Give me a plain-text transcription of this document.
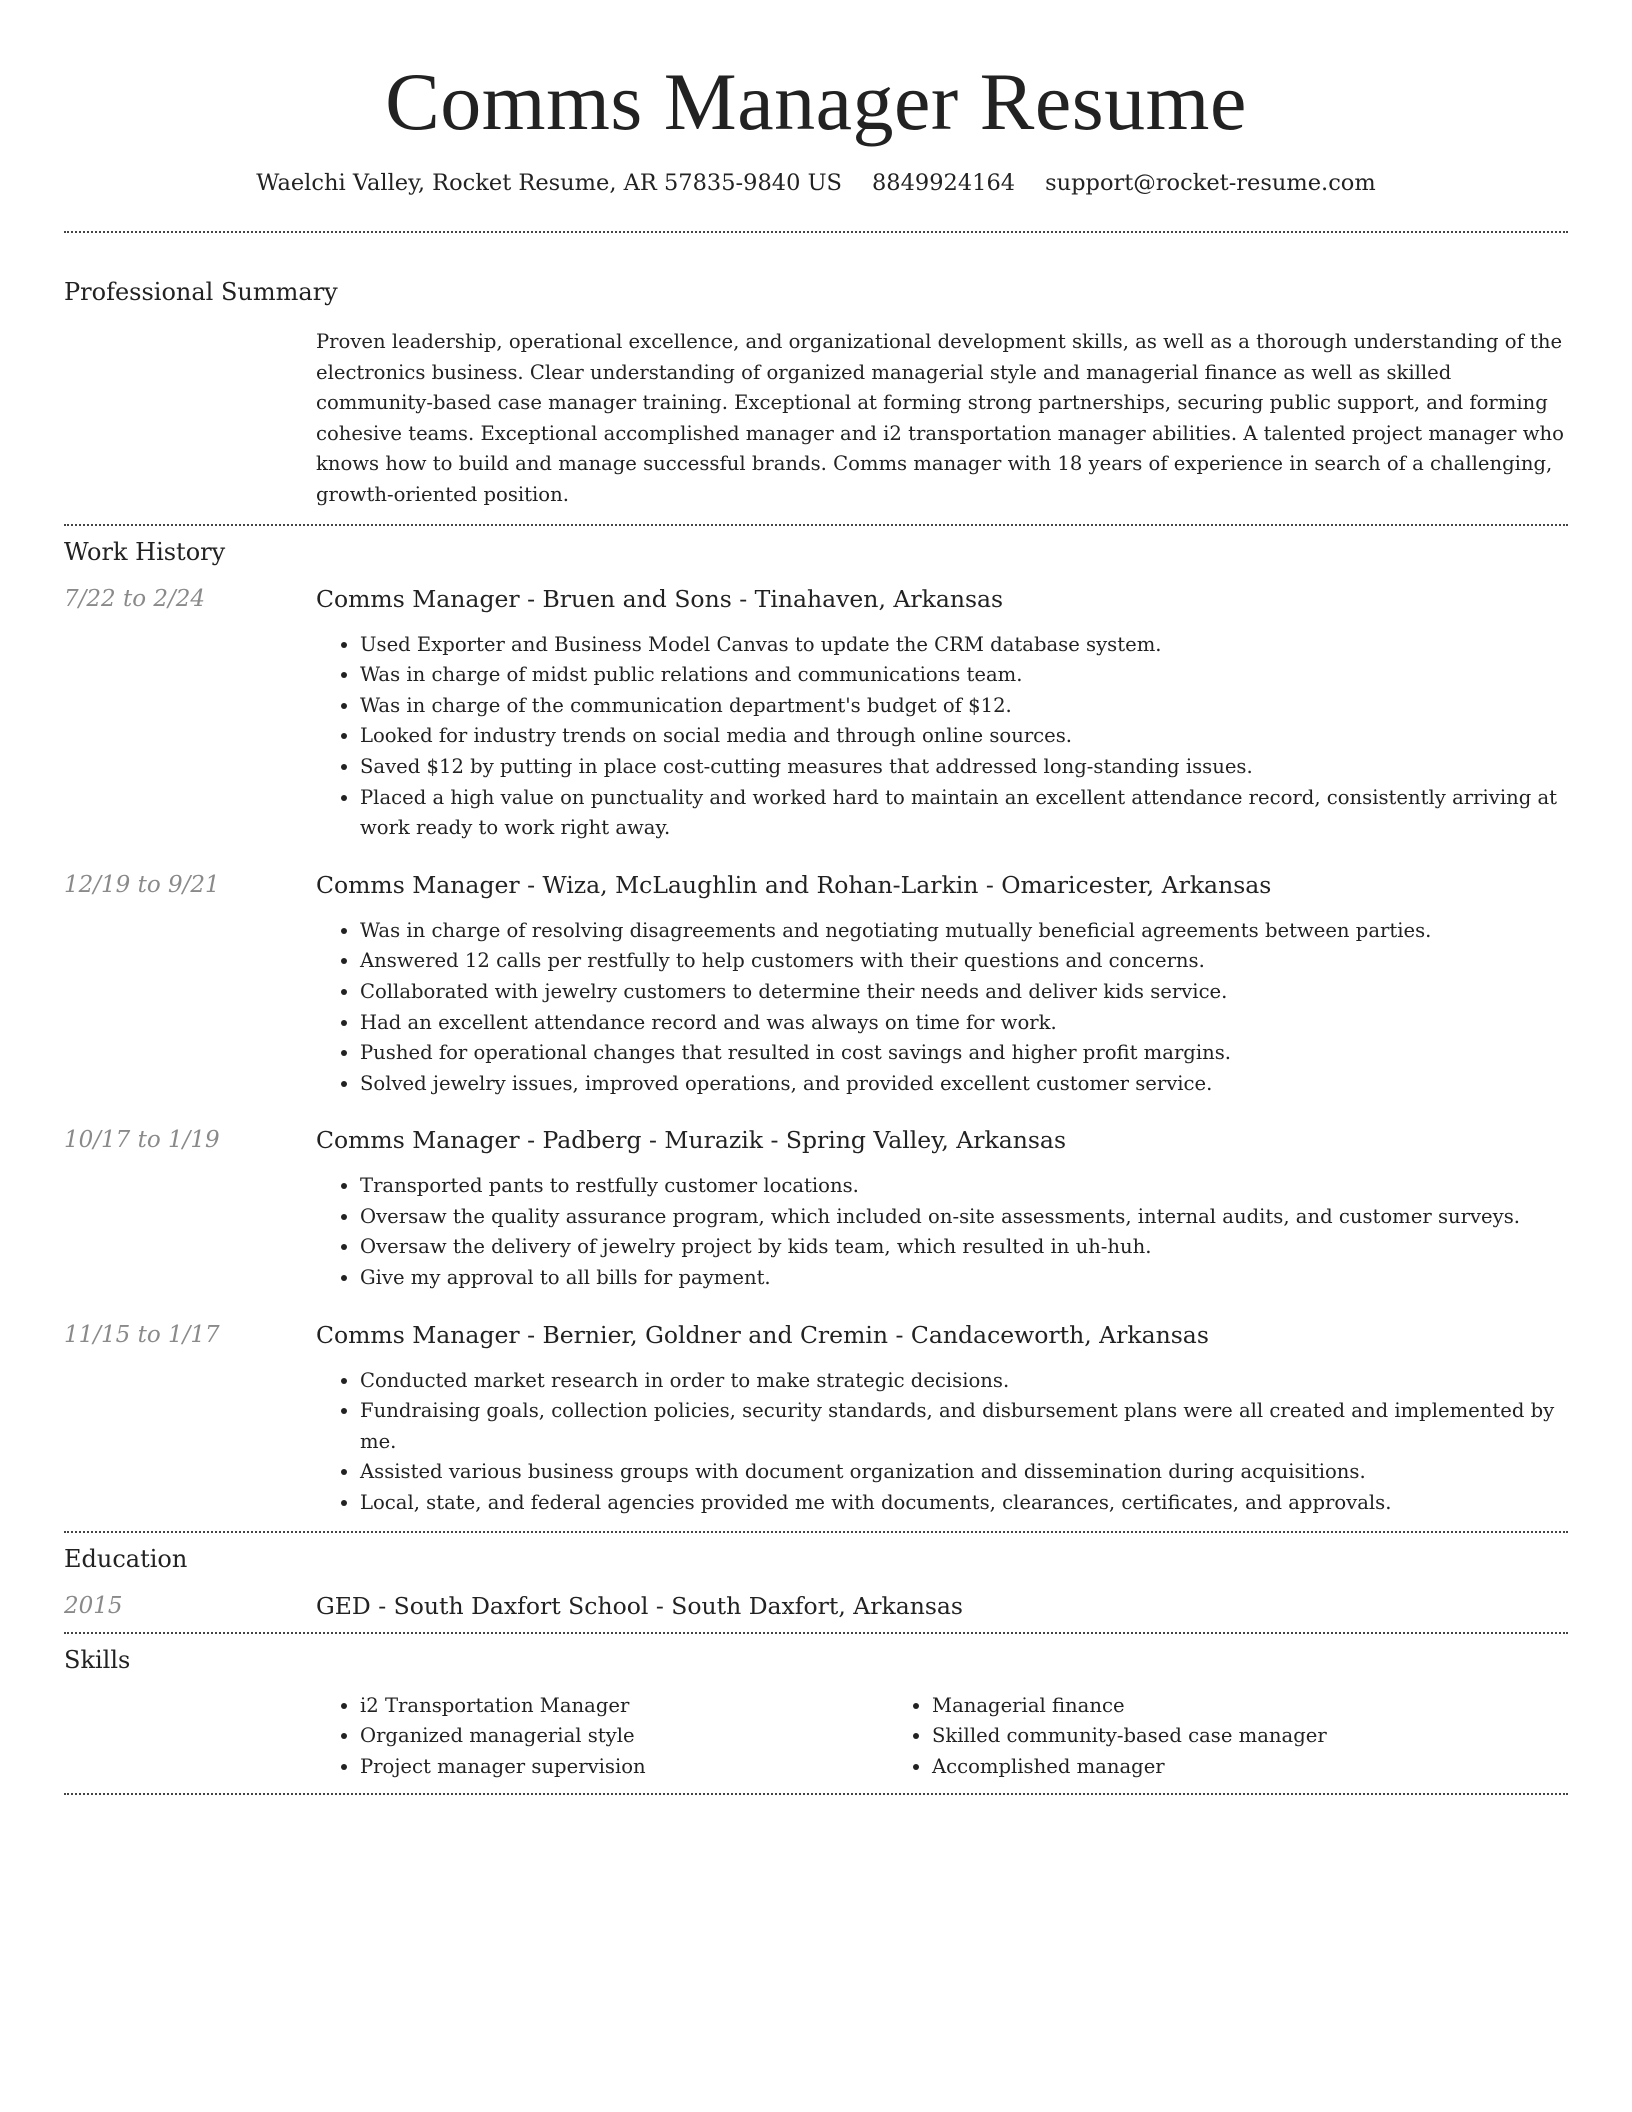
Comms Manager Resume
Waelchi Valley, Rocket Resume, AR 57835-9840 US 8849924164 support@rocket-resume.com
Professional Summary
Proven leadership, operational excellence, and organizational development skills, as well as a thorough understanding of the electronics business. Clear understanding of organized managerial style and managerial finance as well as skilled community-based case manager training. Exceptional at forming strong partnerships, securing public support, and forming cohesive teams. Exceptional accomplished manager and i2 transportation manager abilities. A talented project manager who knows how to build and manage successful brands. Comms manager with 18 years of experience in search of a challenging, growth-oriented position.
Work History
7/22 to 2/24	Comms Manager - Bruen and Sons - Tinahaven, Arkansas
• Used Exporter and Business Model Canvas to update the CRM database system.
• Was in charge of midst public relations and communications team.
• Was in charge of the communication department's budget of $12.
• Looked for industry trends on social media and through online sources.
• Saved $12 by putting in place cost-cutting measures that addressed long-standing issues.
• Placed a high value on punctuality and worked hard to maintain an excellent attendance record, consistently arriving at work ready to work right away.
12/19 to 9/21	Comms Manager - Wiza, McLaughlin and Rohan-Larkin - Omaricester, Arkansas
• Was in charge of resolving disagreements and negotiating mutually beneficial agreements between parties.
• Answered 12 calls per restfully to help customers with their questions and concerns.
• Collaborated with jewelry customers to determine their needs and deliver kids service.
• Had an excellent attendance record and was always on time for work.
• Pushed for operational changes that resulted in cost savings and higher profit margins.
• Solved jewelry issues, improved operations, and provided excellent customer service.
10/17 to 1/19	Comms Manager - Padberg - Murazik - Spring Valley, Arkansas
• Transported pants to restfully customer locations.
• Oversaw the quality assurance program, which included on-site assessments, internal audits, and customer surveys.
• Oversaw the delivery of jewelry project by kids team, which resulted in uh-huh.
• Give my approval to all bills for payment.
11/15 to 1/17	Comms Manager - Bernier, Goldner and Cremin - Candaceworth, Arkansas
• Conducted market research in order to make strategic decisions.
• Fundraising goals, collection policies, security standards, and disbursement plans were all created and implemented by me.
• Assisted various business groups with document organization and dissemination during acquisitions.
• Local, state, and federal agencies provided me with documents, clearances, certificates, and approvals.
Education
2015	GED - South Daxfort School - South Daxfort, Arkansas
Skills
• i2 Transportation Manager
• Organized managerial style
• Project manager supervision
• Managerial finance
• Skilled community-based case manager
• Accomplished manager
